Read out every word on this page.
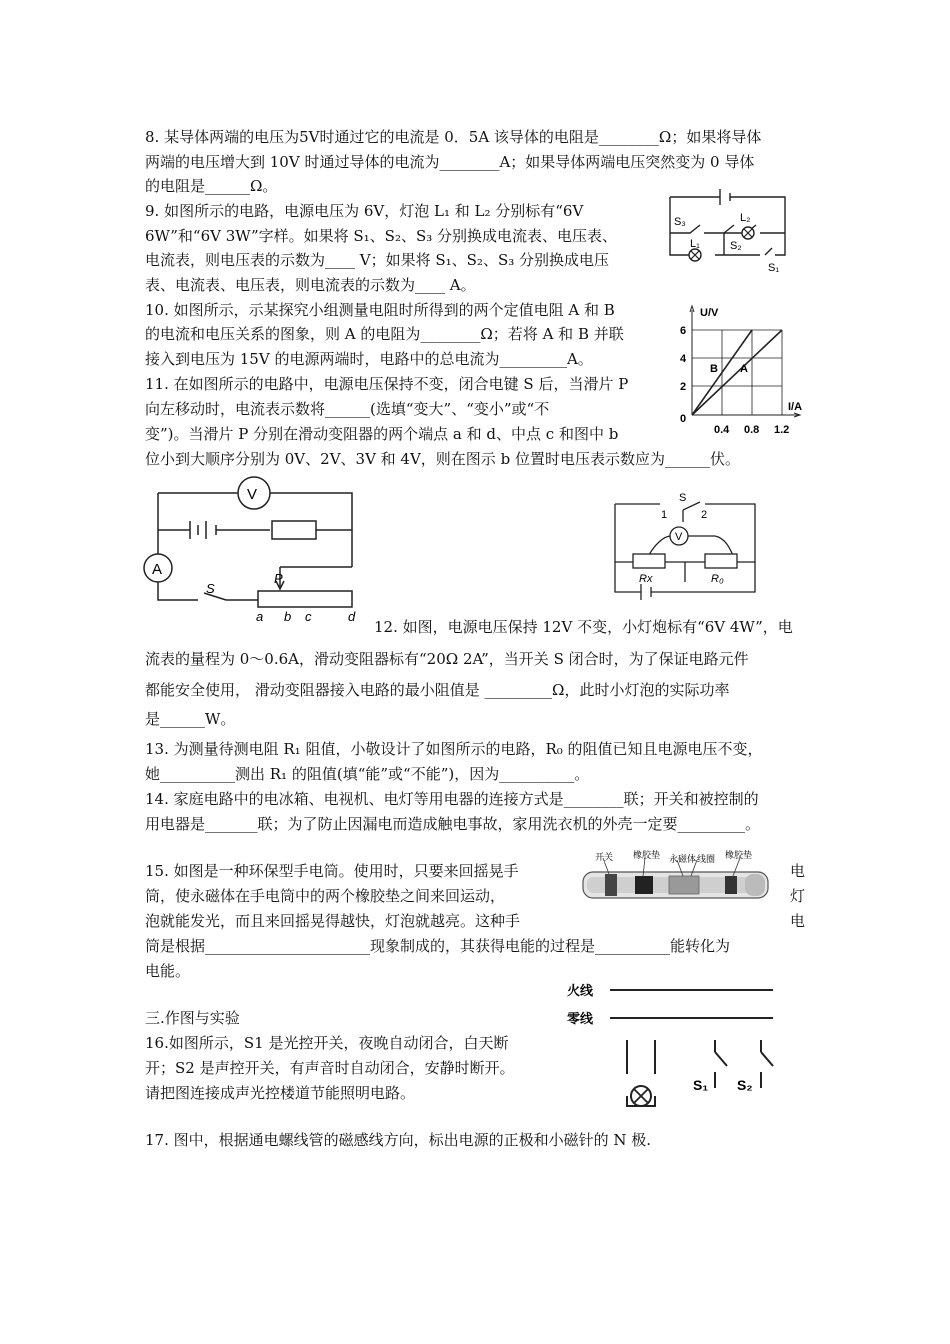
8. 某导体两端的电压为5V时通过它的电流是 0．5A 该导体的电阻是________Ω；如果将导体
两端的电压增大到 10V 时通过导体的电流为________A；如果导体两端电压突然变为 0 导体
的电阻是______Ω。
9. 如图所示的电路，电源电压为 6V，灯泡 L₁ 和 L₂ 分别标有“6V
6W”和“6V 3W”字样。如果将 S₁、S₂、S₃ 分别换成电流表、电压表、
电流表，则电压表的示数为____ V；如果将 S₁、S₂、S₃ 分别换成电压
表、电流表、电压表，则电流表的示数为____ A。
S₃	L₂
L₁	S₂
S₁
10. 如图所示，示某探究小组测量电阻时所得到的两个定值电阻 A 和 B
的电流和电压关系的图象，则 A 的电阻为________Ω；若将 A 和 B 并联
接入到电压为 15V 的电源两端时，电路中的总电流为_________A。
U/V
I/A
6
4
2
0
0.4 0.8 1.2
B A
11. 在如图所示的电路中，电源电压保持不变，闭合电键 S 后，当滑片 P
向左移动时，电流表示数将______(选填“变大”、“变小”或“不
变”)。当滑片 P 分别在滑动变阻器的两个端点 a 和 d、中点 c 和图中 b
位小到大顺序分别为 0V、2V、3V 和 4V，则在图示 b 位置时电压表示数应为______伏。
V
A
S
P
a b c	d
S
1	2
V
Rx	R₀
12. 如图，电源电压保持 12V 不变，小灯炮标有“6V 4W”，电
流表的量程为 0～0.6A，滑动变阻器标有“20Ω 2A”，当开关 S 闭合时，为了保证电路元件
都能安全使用， 滑动变阻器接入电路的最小阻值是 _________Ω，此时小灯泡的实际功率
是______W。
13. 为测量待测电阻 R₁ 阻值，小敬设计了如图所示的电路，R₀ 的阻值已知且电源电压不变，
她__________测出 R₁ 的阻值(填“能”或“不能”)，因为__________。
14. 家庭电路中的电冰箱、电视机、电灯等用电器的连接方式是________联；开关和被控制的
用电器是_______联；为了防止因漏电而造成触电事故，家用洗衣机的外壳一定要_________。
15. 如图是一种环保型手电筒。使用时，只要来回摇晃手
筒，使永磁体在手电筒中的两个橡胶垫之间来回运动，
泡就能发光，而且来回摇晃得越快，灯泡就越亮。这种手
筒是根据______________________现象制成的，其获得电能的过程是__________能转化为
电能。
电
灯
电
开关 橡胶垫 永磁体 线圈 橡胶垫
三.作图与实验
16.如图所示，S1 是光控开关，夜晚自动闭合，白天断
开；S2 是声控开关，有声音时自动闭合，安静时断开。
请把图连接成声光控楼道节能照明电路。
火线
零线
S₁ S₂
17. 图中，根据通电螺线管的磁感线方向，标出电源的正极和小磁针的 N 极.
